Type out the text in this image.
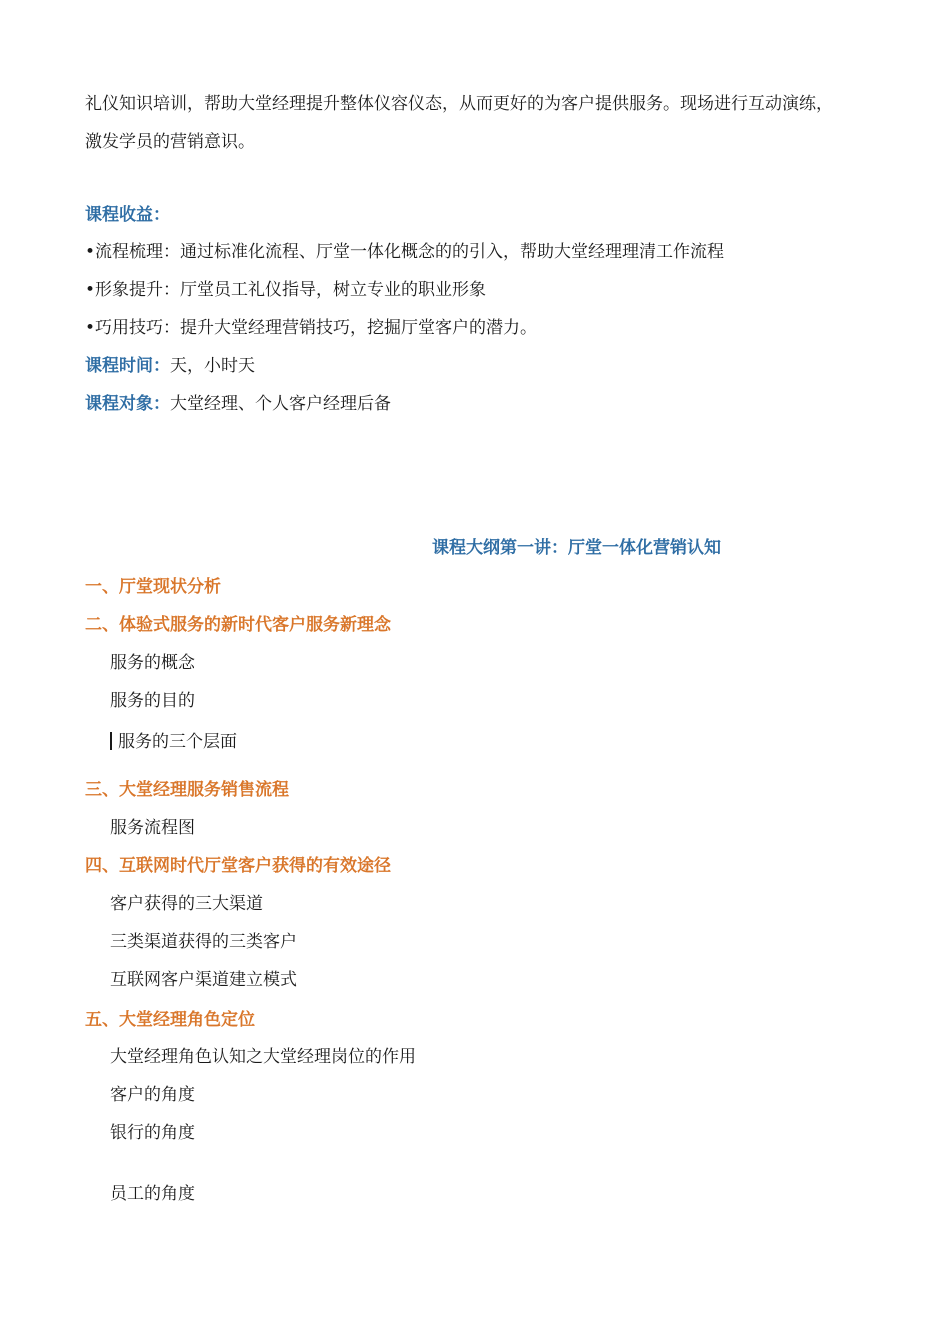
礼仪知识培训，帮助大堂经理提升整体仪容仪态，从而更好的为客户提供服务。现场进行互动演练，
激发学员的营销意识。
课程收益：
•流程梳理：通过标准化流程、厅堂一体化概念的的引入，帮助大堂经理理清工作流程
•形象提升：厅堂员工礼仪指导，树立专业的职业形象
•巧用技巧：提升大堂经理营销技巧，挖掘厅堂客户的潜力。
课程时间：天，小时天
课程对象：大堂经理、个人客户经理后备
课程大纲第一讲：厅堂一体化营销认知
一、厅堂现状分析
二、体验式服务的新时代客户服务新理念
服务的概念
服务的目的
服务的三个层面
三、大堂经理服务销售流程
服务流程图
四、互联网时代厅堂客户获得的有效途径
客户获得的三大渠道
三类渠道获得的三类客户
互联网客户渠道建立模式
五、大堂经理角色定位
大堂经理角色认知之大堂经理岗位的作用
客户的角度
银行的角度
员工的角度
